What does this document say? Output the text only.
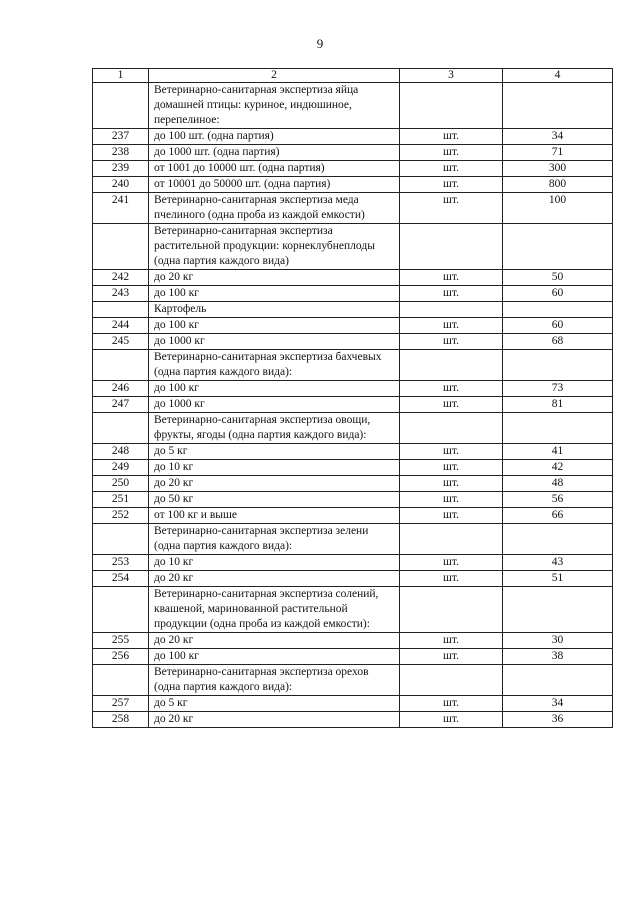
9
1	2	3	4
	Ветеринарно-санитарная экспертиза яйца домашней птицы: куриное, индюшиное, перепелиное:		
237	до 100 шт. (одна партия)	шт.	34
238	до 1000 шт. (одна партия)	шт.	71
239	от 1001 до 10000 шт. (одна партия)	шт.	300
240	от 10001 до 50000 шт. (одна партия)	шт.	800
241	Ветеринарно-санитарная экспертиза меда пчелиного (одна проба из каждой емкости)	шт.	100
	Ветеринарно-санитарная экспертиза растительной продукции: корнеклубнеплоды (одна партия каждого вида)		
242	до 20 кг	шт.	50
243	до 100 кг	шт.	60
	Картофель		
244	до 100 кг	шт.	60
245	до 1000 кг	шт.	68
	Ветеринарно-санитарная экспертиза бахчевых (одна партия каждого вида):		
246	до 100 кг	шт.	73
247	до 1000 кг	шт.	81
	Ветеринарно-санитарная экспертиза овощи, фрукты, ягоды (одна партия каждого вида):		
248	до 5 кг	шт.	41
249	до 10 кг	шт.	42
250	до 20 кг	шт.	48
251	до 50 кг	шт.	56
252	от 100 кг и выше	шт.	66
	Ветеринарно-санитарная экспертиза зелени (одна партия каждого вида):		
253	до 10 кг	шт.	43
254	до 20 кг	шт.	51
	Ветеринарно-санитарная экспертиза солений, квашеной, маринованной растительной продукции (одна проба из каждой емкости):		
255	до 20 кг	шт.	30
256	до 100 кг	шт.	38
	Ветеринарно-санитарная экспертиза орехов (одна партия каждого вида):		
257	до 5 кг	шт.	34
258	до 20 кг	шт.	36
